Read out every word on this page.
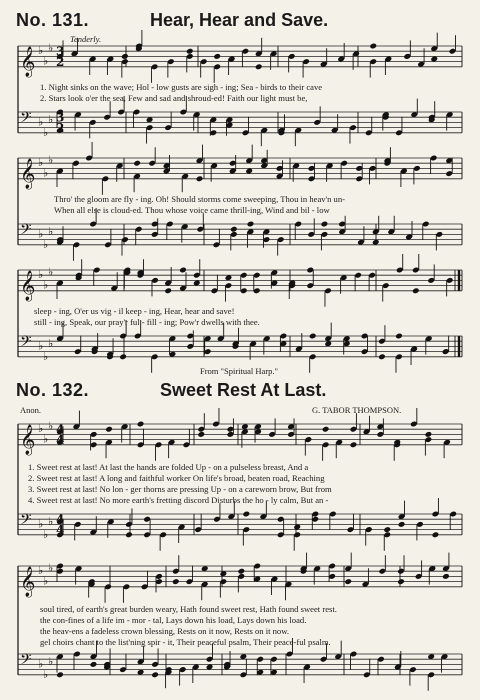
𝄞 ♭
♭
♭
𝄢 ♭
♭
♭
𝄞 ♭
♭
♭
𝄢 ♭
♭
♭
𝄞 ♭
♭
♭
𝄢 ♭
♭
♭
𝄞 ♭
♭
♭
𝄢 ♭
♭
♭
𝄞 ♭
♭
♭
𝄢 ♭
♭
♭
3
2
3
2
4
4
4
4
No. 131.	Hear, Hear and Save.
Tenderly.
1. Night sinks on the wave; Hol - low gusts are sigh - ing; Sea - birds to their cave
2. Stars look o'er the sea, Few and sad and shroud-ed! Faith our light must be,
Thro' the gloom are fly - ing. Oh! Should storms come sweeping, Thou in heav'n un-
When all else is cloud-ed. Thou whose voice came thrill-ing, Wind and bil - low
sleep - ing, O'er us vig - il keep - ing, Hear, hear and save!
still - ing, Speak, our pray'r ful - fill - ing; Pow'r dwells with thee.
From "Spiritual Harp."
No. 132.	Sweet Rest At Last.
Anon.	G. TABOR THOMPSON.
1. Sweet rest at last! At last the hands are folded Up - on a pulseless breast, And a
2. Sweet rest at last! A long and faithful worker On life's broad, beaten road, Reaching
3. Sweet rest at last! No lon - ger thorns are pressing Up - on a careworn brow, But from
4. Sweet rest at last! No more earth's fretting discord Disturbs the ho - ly calm, But an -
soul tired, of earth's great burden weary, Hath found sweet rest, Hath found sweet rest.
the con-fines of a life im - mor - tal, Lays down his load, Lays down his load.
the heav-ens a fadeless crown blessing, Rests on it now, Rests on it now.
gel choirs chant to the list'ning spir - it, Their peaceful psalm, Their peace-ful psalm.
